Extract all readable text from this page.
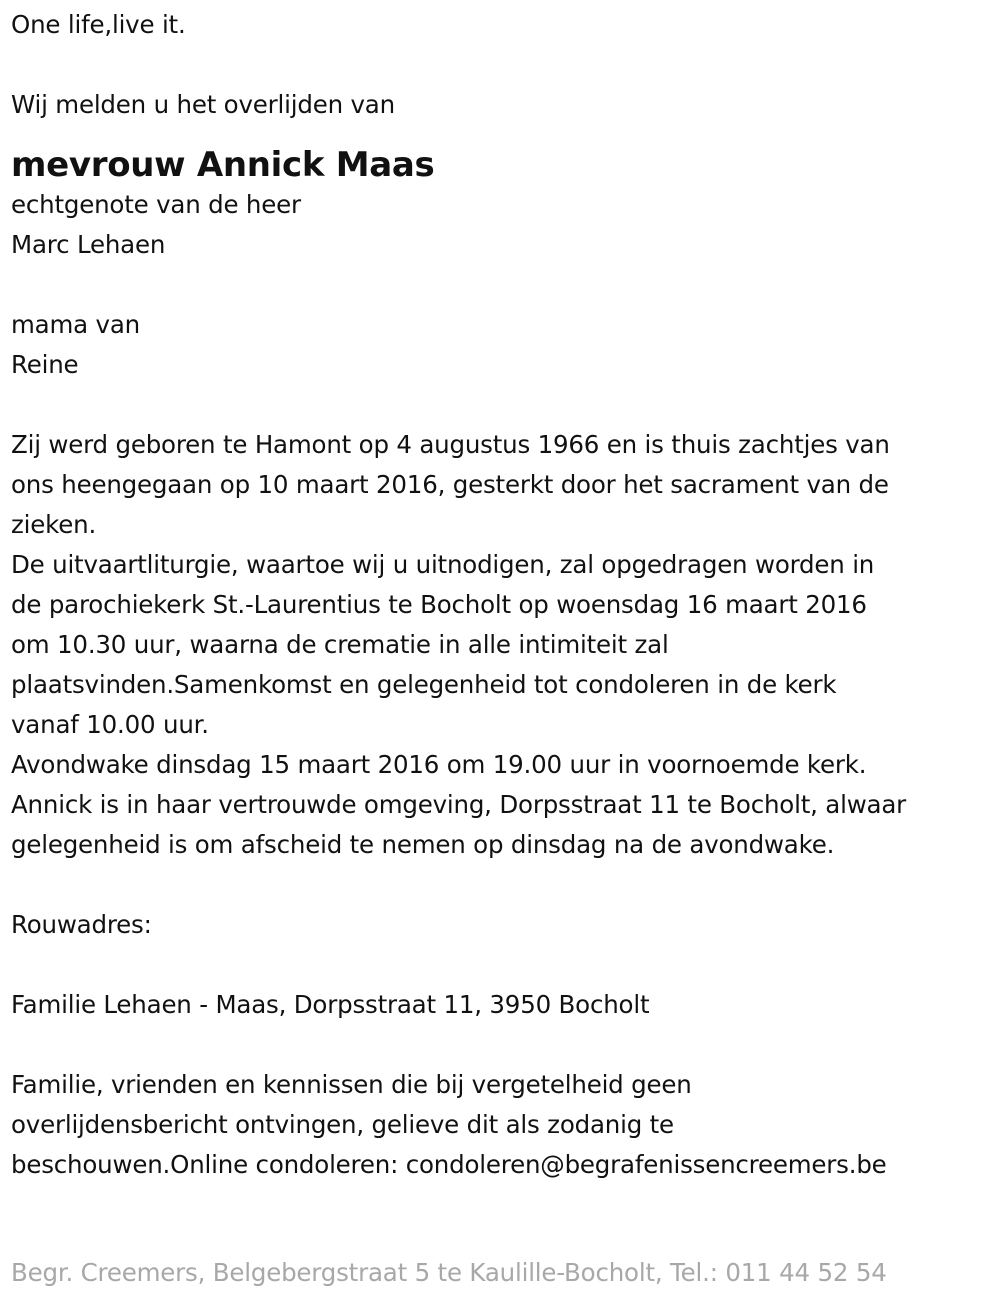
One life,live it.
Wij melden u het overlijden van
mevrouw Annick Maas
echtgenote van de heer
Marc Lehaen
mama van
Reine
Zij werd geboren te Hamont op 4 augustus 1966 en is thuis zachtjes van
ons heengegaan op 10 maart 2016, gesterkt door het sacrament van de
zieken.
De uitvaartliturgie, waartoe wij u uitnodigen, zal opgedragen worden in
de parochiekerk St.-Laurentius te Bocholt op woensdag 16 maart 2016
om 10.30 uur, waarna de crematie in alle intimiteit zal
plaatsvinden.Samenkomst en gelegenheid tot condoleren in de kerk
vanaf 10.00 uur.
Avondwake dinsdag 15 maart 2016 om 19.00 uur in voornoemde kerk.
Annick is in haar vertrouwde omgeving, Dorpsstraat 11 te Bocholt, alwaar
gelegenheid is om afscheid te nemen op dinsdag na de avondwake.
Rouwadres:
Familie Lehaen - Maas, Dorpsstraat 11, 3950 Bocholt
Familie, vrienden en kennissen die bij vergetelheid geen
overlijdensbericht ontvingen, gelieve dit als zodanig te
beschouwen.Online condoleren: condoleren@begrafenissencreemers.be
Begr. Creemers, Belgebergstraat 5 te Kaulille-Bocholt, Tel.: 011 44 52 54
